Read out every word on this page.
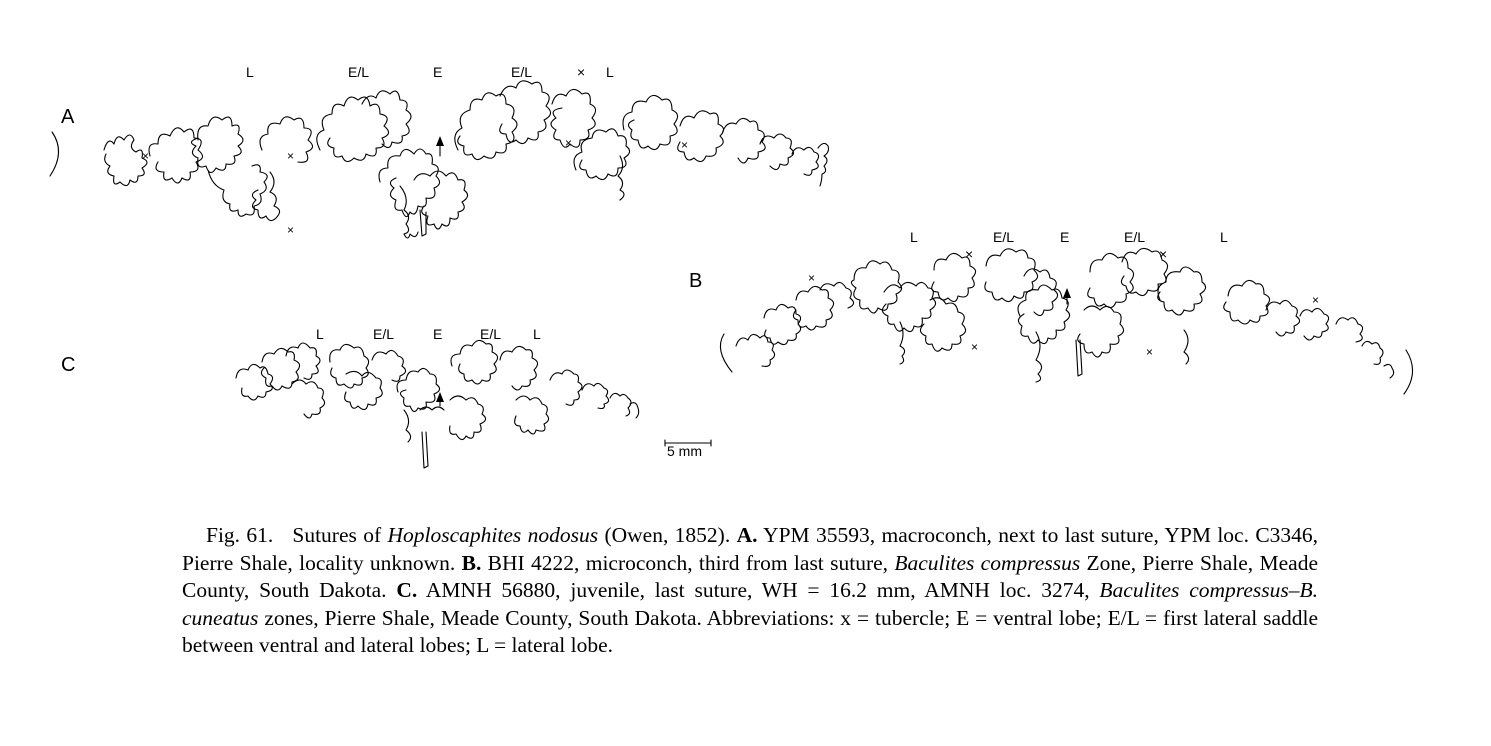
A
L	E/L	E	E/L	× L
×	×
×
×	×
B
L
×
E/L	E	E/L
×
L
×
×	×
×
C
L	E/L	E	E/L L
5 mm
Fig. 61. Sutures of Hoploscaphites nodosus (Owen, 1852). A. YPM 35593, macroconch, next to last suture, YPM loc. C3346, Pierre Shale, locality unknown. B. BHI 4222, microconch, third from last suture, Baculites compressus Zone, Pierre Shale, Meade County, South Dakota. C. AMNH 56880, juvenile, last suture, WH = 16.2 mm, AMNH loc. 3274, Baculites compressus–B. cuneatus zones, Pierre Shale, Meade County, South Dakota. Abbreviations: x = tubercle; E = ventral lobe; E/L = first lateral saddle between ventral and lateral lobes; L = lateral lobe.
